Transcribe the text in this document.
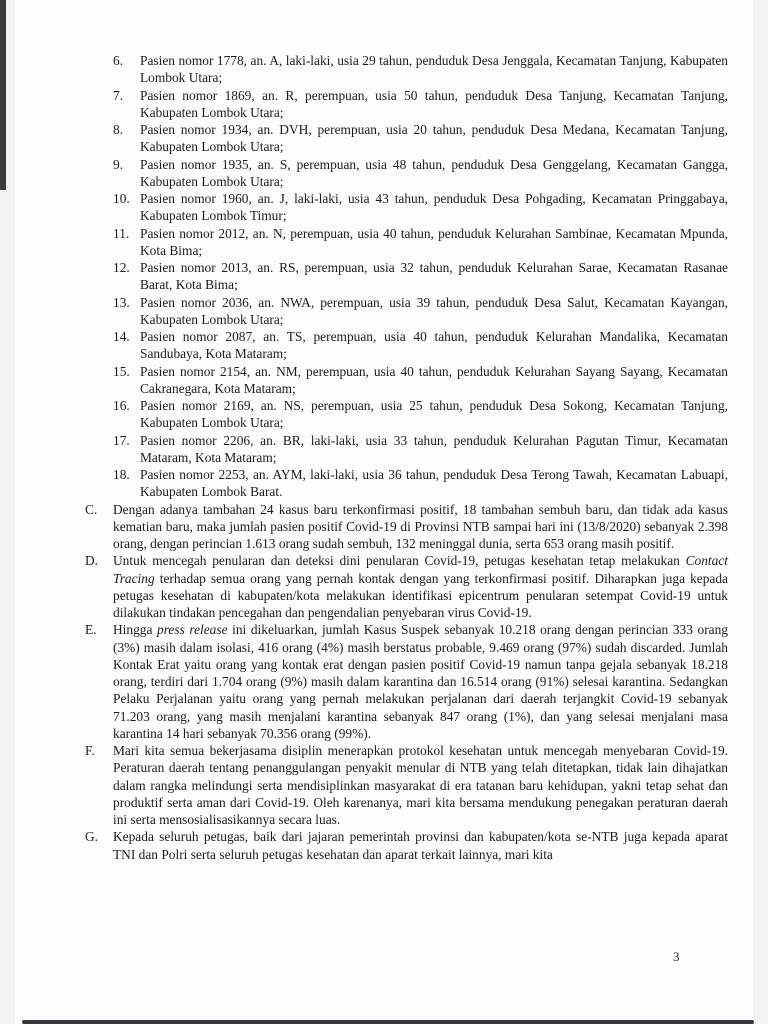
6.	Pasien nomor 1778, an. A, laki-laki, usia 29 tahun, penduduk Desa Jenggala, Kecamatan Tanjung, Kabupaten Lombok Utara;
7.	Pasien nomor 1869, an. R, perempuan, usia 50 tahun, penduduk Desa Tanjung, Kecamatan Tanjung, Kabupaten Lombok Utara;
8.	Pasien nomor 1934, an. DVH, perempuan, usia 20 tahun, penduduk Desa Medana, Kecamatan Tanjung, Kabupaten Lombok Utara;
9.	Pasien nomor 1935, an. S, perempuan, usia 48 tahun, penduduk Desa Genggelang, Kecamatan Gangga, Kabupaten Lombok Utara;
10. Pasien nomor 1960, an. J, laki-laki, usia 43 tahun, penduduk Desa Pohgading, Kecamatan Pringgabaya, Kabupaten Lombok Timur;
11. Pasien nomor 2012, an. N, perempuan, usia 40 tahun, penduduk Kelurahan Sambinae, Kecamatan Mpunda, Kota Bima;
12. Pasien nomor 2013, an. RS, perempuan, usia 32 tahun, penduduk Kelurahan Sarae, Kecamatan Rasanae Barat, Kota Bima;
13. Pasien nomor 2036, an. NWA, perempuan, usia 39 tahun, penduduk Desa Salut, Kecamatan Kayangan, Kabupaten Lombok Utara;
14. Pasien nomor 2087, an. TS, perempuan, usia 40 tahun, penduduk Kelurahan Mandalika, Kecamatan Sandubaya, Kota Mataram;
15. Pasien nomor 2154, an. NM, perempuan, usia 40 tahun, penduduk Kelurahan Sayang Sayang, Kecamatan Cakranegara, Kota Mataram;
16. Pasien nomor 2169, an. NS, perempuan, usia 25 tahun, penduduk Desa Sokong, Kecamatan Tanjung, Kabupaten Lombok Utara;
17. Pasien nomor 2206, an. BR, laki-laki, usia 33 tahun, penduduk Kelurahan Pagutan Timur, Kecamatan Mataram, Kota Mataram;
18. Pasien nomor 2253, an. AYM, laki-laki, usia 36 tahun, penduduk Desa Terong Tawah, Kecamatan Labuapi, Kabupaten Lombok Barat.
C.	Dengan adanya tambahan 24 kasus baru terkonfirmasi positif, 18 tambahan sembuh baru, dan tidak ada kasus kematian baru, maka jumlah pasien positif Covid-19 di Provinsi NTB sampai hari ini (13/8/2020) sebanyak 2.398 orang, dengan perincian 1.613 orang sudah sembuh, 132 meninggal dunia, serta 653 orang masih positif.
D.	Untuk mencegah penularan dan deteksi dini penularan Covid-19, petugas kesehatan tetap melakukan Contact Tracing terhadap semua orang yang pernah kontak dengan yang terkonfirmasi positif. Diharapkan juga kepada petugas kesehatan di kabupaten/kota melakukan identifikasi epicentrum penularan setempat Covid-19 untuk dilakukan tindakan pencegahan dan pengendalian penyebaran virus Covid-19.
E.	Hingga press release ini dikeluarkan, jumlah Kasus Suspek sebanyak 10.218 orang dengan perincian 333 orang (3%) masih dalam isolasi, 416 orang (4%) masih berstatus probable, 9.469 orang (97%) sudah discarded. Jumlah Kontak Erat yaitu orang yang kontak erat dengan pasien positif Covid-19 namun tanpa gejala sebanyak 18.218 orang, terdiri dari 1.704 orang (9%) masih dalam karantina dan 16.514 orang (91%) selesai karantina. Sedangkan Pelaku Perjalanan yaitu orang yang pernah melakukan perjalanan dari daerah terjangkit Covid-19 sebanyak 71.203 orang, yang masih menjalani karantina sebanyak 847 orang (1%), dan yang selesai menjalani masa karantina 14 hari sebanyak 70.356 orang (99%).
F.	Mari kita semua bekerjasama disiplin menerapkan protokol kesehatan untuk mencegah menyebaran Covid-19. Peraturan daerah tentang penanggulangan penyakit menular di NTB yang telah ditetapkan, tidak lain dihajatkan dalam rangka melindungi serta mendisiplinkan masyarakat di era tatanan baru kehidupan, yakni tetap sehat dan produktif serta aman dari Covid-19. Oleh karenanya, mari kita bersama mendukung penegakan peraturan daerah ini serta mensosialisasikannya secara luas.
G.	Kepada seluruh petugas, baik dari jajaran pemerintah provinsi dan kabupaten/kota se-NTB juga kepada aparat TNI dan Polri serta seluruh petugas kesehatan dan aparat terkait lainnya, mari kita
3
